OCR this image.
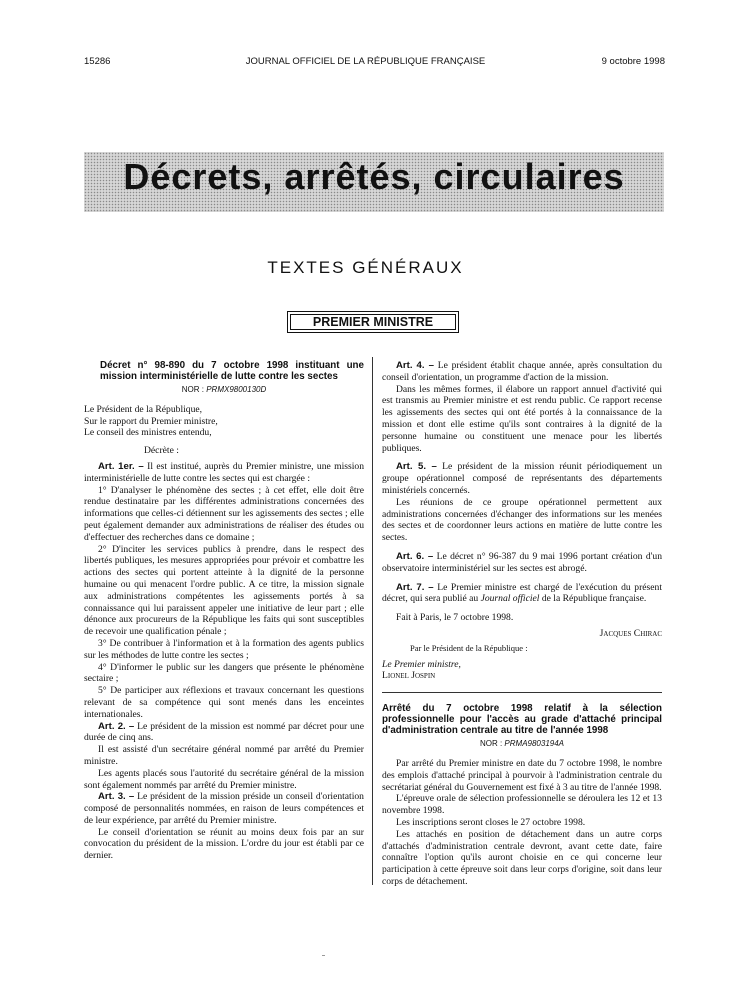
15286	JOURNAL OFFICIEL DE LA RÉPUBLIQUE FRANÇAISE	9 octobre 1998
Décrets, arrêtés, circulaires
TEXTES GÉNÉRAUX
PREMIER MINISTRE
Décret n° 98-890 du 7 octobre 1998 instituant une mission interministérielle de lutte contre les sectes
NOR : PRMX9800130D

Le Président de la République,

Sur le rapport du Premier ministre,

Le conseil des ministres entendu,

Décrète :

Art. 1er. – Il est institué, auprès du Premier ministre, une mission interministérielle de lutte contre les sectes qui est chargée :

1° D'analyser le phénomène des sectes ; à cet effet, elle doit être rendue destinataire par les différentes administrations concernées des informations que celles-ci détiennent sur les agissements des sectes ; elle peut également demander aux administrations de réaliser des études ou d'effectuer des recherches dans ce domaine ;

2° D'inciter les services publics à prendre, dans le respect des libertés publiques, les mesures appropriées pour prévoir et combattre les actions des sectes qui portent atteinte à la dignité de la personne humaine ou qui menacent l'ordre public. A ce titre, la mission signale aux administrations compétentes les agissements portés à sa connaissance qui lui paraissent appeler une initiative de leur part ; elle dénonce aux procureurs de la République les faits qui sont susceptibles de recevoir une qualification pénale ;

3° De contribuer à l'information et à la formation des agents publics sur les méthodes de lutte contre les sectes ;

4° D'informer le public sur les dangers que présente le phénomène sectaire ;

5° De participer aux réflexions et travaux concernant les questions relevant de sa compétence qui sont menés dans les enceintes internationales.

Art. 2. – Le président de la mission est nommé par décret pour une durée de cinq ans.

Il est assisté d'un secrétaire général nommé par arrêté du Premier ministre.

Les agents placés sous l'autorité du secrétaire général de la mission sont également nommés par arrêté du Premier ministre.

Art. 3. – Le président de la mission préside un conseil d'orientation composé de personnalités nommées, en raison de leurs compétences et de leur expérience, par arrêté du Premier ministre.

Le conseil d'orientation se réunit au moins deux fois par an sur convocation du président de la mission. L'ordre du jour est établi par ce dernier.

Art. 4. – Le président établit chaque année, après consultation du conseil d'orientation, un programme d'action de la mission.

Dans les mêmes formes, il élabore un rapport annuel d'activité qui est transmis au Premier ministre et est rendu public. Ce rapport recense les agissements des sectes qui ont été portés à la connaissance de la mission et dont elle estime qu'ils sont contraires à la dignité de la personne humaine ou constituent une menace pour les libertés publiques.

Art. 5. – Le président de la mission réunit périodiquement un groupe opérationnel composé de représentants des départements ministériels concernés.

Les réunions de ce groupe opérationnel permettent aux administrations concernées d'échanger des informations sur les menées des sectes et de coordonner leurs actions en matière de lutte contre les sectes.

Art. 6. – Le décret n° 96-387 du 9 mai 1996 portant création d'un observatoire interministériel sur les sectes est abrogé.

Art. 7. – Le Premier ministre est chargé de l'exécution du présent décret, qui sera publié au Journal officiel de la République française.

Fait à Paris, le 7 octobre 1998.

Jacques Chirac

Par le Président de la République :

Le Premier ministre,

Lionel Jospin

Arrêté du 7 octobre 1998 relatif à la sélection professionnelle pour l'accès au grade d'attaché principal d'administration centrale au titre de l'année 1998
NOR : PRMA9803194A

Par arrêté du Premier ministre en date du 7 octobre 1998, le nombre des emplois d'attaché principal à pourvoir à l'administration centrale du secrétariat général du Gouvernement est fixé à 3 au titre de l'année 1998.

L'épreuve orale de sélection professionnelle se déroulera les 12 et 13 novembre 1998.

Les inscriptions seront closes le 27 octobre 1998.

Les attachés en position de détachement dans un autre corps d'attachés d'administration centrale devront, avant cette date, faire connaître l'option qu'ils auront choisie en ce qui concerne leur participation à cette épreuve soit dans leur corps d'origine, soit dans leur corps de détachement.
